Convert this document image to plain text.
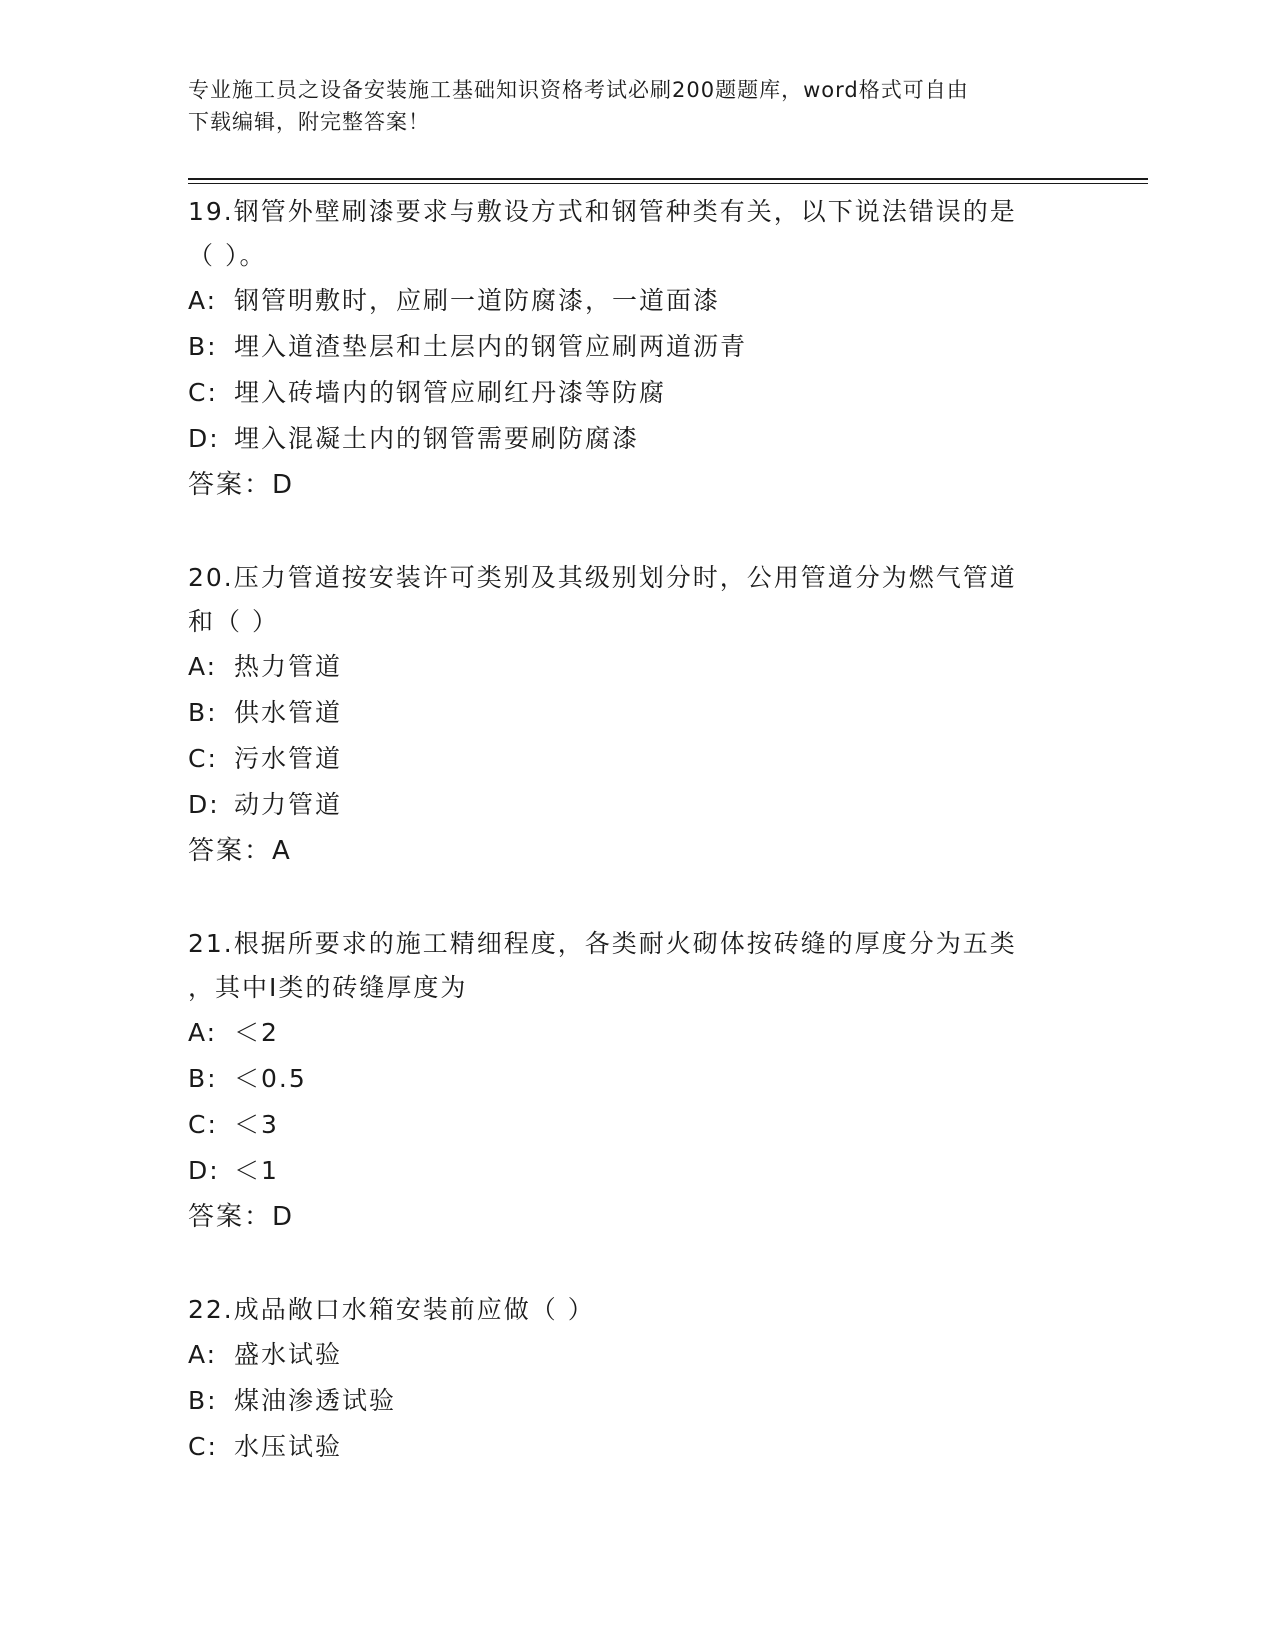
专业施工员之设备安装施工基础知识资格考试必刷200题题库，word格式可自由
下载编辑，附完整答案！
19.钢管外壁刷漆要求与敷设方式和钢管种类有关，以下说法错误的是
（ ）。
A: 钢管明敷时，应刷一道防腐漆，一道面漆
B: 埋入道渣垫层和土层内的钢管应刷两道沥青
C: 埋入砖墙内的钢管应刷红丹漆等防腐
D: 埋入混凝土内的钢管需要刷防腐漆
答案：D
20.压力管道按安装许可类别及其级别划分时，公用管道分为燃气管道
和（ ）
A: 热力管道
B: 供水管道
C: 污水管道
D: 动力管道
答案：A
21.根据所要求的施工精细程度，各类耐火砌体按砖缝的厚度分为五类
，其中I类的砖缝厚度为
A: ＜2
B: ＜0.5
C: ＜3
D: ＜1
答案：D
22.成品敞口水箱安装前应做（ ）
A: 盛水试验
B: 煤油渗透试验
C: 水压试验
